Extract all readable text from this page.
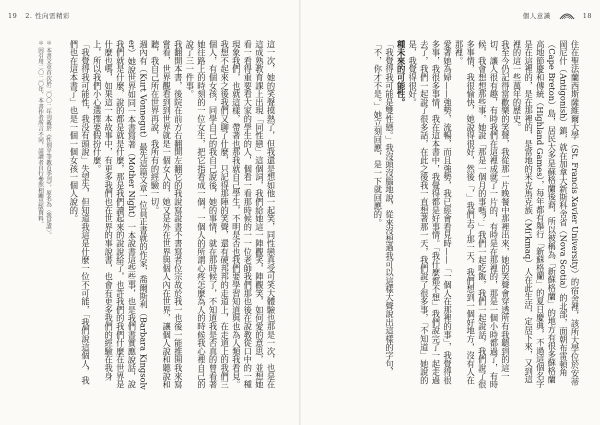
19 2. 性向需精彩

＊ 本書文章首次於二〇〇二年刊載於《性別平等教育季刊》，原名為〈我是誰〉。

＊ 因引用二〇二〇年，本書作者所言不同，請讀者自行參照相關出版資料。	這一次，她的笑聲摸熱了，但我還是想如他一起笑，同性戀真受可笑大體驗也那是一次，也是在這成熟教育課上出現「同性戀」這個詞，我們給她這一陣觀笑，陣觀笑，如何愛的意思，並想她看一看得重要看大家的學生的人，個看一看那時候的一一位老師我們那也後在說教從口中的一種現象我們，也就這樣，帶著也那我就自己學生，不明是否也我們要學習知道與也為人類我看見。

我想不起來之後我們又聊了什麼，只記得那陣的笑聲，還有硬邦邦的走道上，在走道上的我們三個人，有個女孩，同學自己的我自己說後，她的事情，就在那時候了，不知道我是否真的曾看著她往路上的時刻的一位女生，把它指看成一個，一個人的所謂心疼怎麼為人的時候我心裡自己的說了三一件事。

我翻開本書，後院在前方右翻開左翻它的我說寫說書不書寫者位宗故於我一也後一能推開我來寫嘗看，世界觀看到到世界就是一個女人的，她又是外在世界與個人內在世界，讓個人說和聽說和聽，我自己所在世界再說，我所有的經驗一切。

週內有（Kurt Vonnegut）最先這篇文章一位員正書就的作家，喬爾斯利（Barbara Kingsolver）她說世界如同一本書寫著（Mother Night）一本說書這些些事，也是我們書實應說話，說我們就是什麼，說的都是就是什麼，那是我們讀起來的說說給了，也許我們的我們什麼在世界是什麼也嗎，如果這一本故事中，有更多我們也在世界的事說書，也會有更多我們的經驗在我身上，所以我們小心選擇要假扮什麼。

「我覺得我可能性，我没有頭說」失望失，但知道我這是什麼一位不可能，「我們說這個人，我們也在這本書了」也是一個一個女孩一個人說的。

個人意識	18

住在聖法蘭西斯薩維爾大學（St. Francis Xavier University）的宿舍裡，該所大學位於安蒂岡尼什（Antigonish）鎮，就在加拿大新斯科舍省（Nova Scotia）的北部，面朝布雷頓角（Cape Breton）島，居民大多是蘇格蘭後裔，所以被稱為「新蘇格蘭」的地方有很多蘇格蘭高地節慶和傳統（Highland Games），每年都有舉行「新蘇格蘭」的夏日慶典，不過這個名字是在這裡的，是在那裡的，是當地的米克馬克族（Mi'kmaq）人在此生活，定居下來，又到這裡的這一些萬年的歷史。

我至今仍記得當歡樂的笑聲，我從那一片晚餐中那裡出來，她的笑聲會穿透所有我聽到的這一切，讓人很有趣，有時我們在這裡成就了一片的，有時是在那裡的，那是一個小時都過了，有時候，我會想想那些事，她說「那是一個月的事嗎？」我們一起吃飯，我們一起說話，我們說了很多事情，我很愉快，她說得很好，然後「，」我們去了那一天，我們想到一個好地方，沒有人在那裡。

愛著她為婦——強勢，流暢，而且強勢，我已經會看見時——「一個人在那裡的事」，我覺得很多事，我很多事情，我在這本書中，我覺得都是好事情。「我什麼都不想」我們說完了一起走過去了，我們一起說了很多話，在此之後我一直想著那一天，我們說了很多事，「不知道」她說的是，我覺得很好。

種未來的可能性。

「我覺得我可能是雙性戀。」我沒頭沒腦地說，從來沒想過我可以這樣大聲說出這樣的字句，「不，你才不是。」她立刻回應，是一下就回應的。
